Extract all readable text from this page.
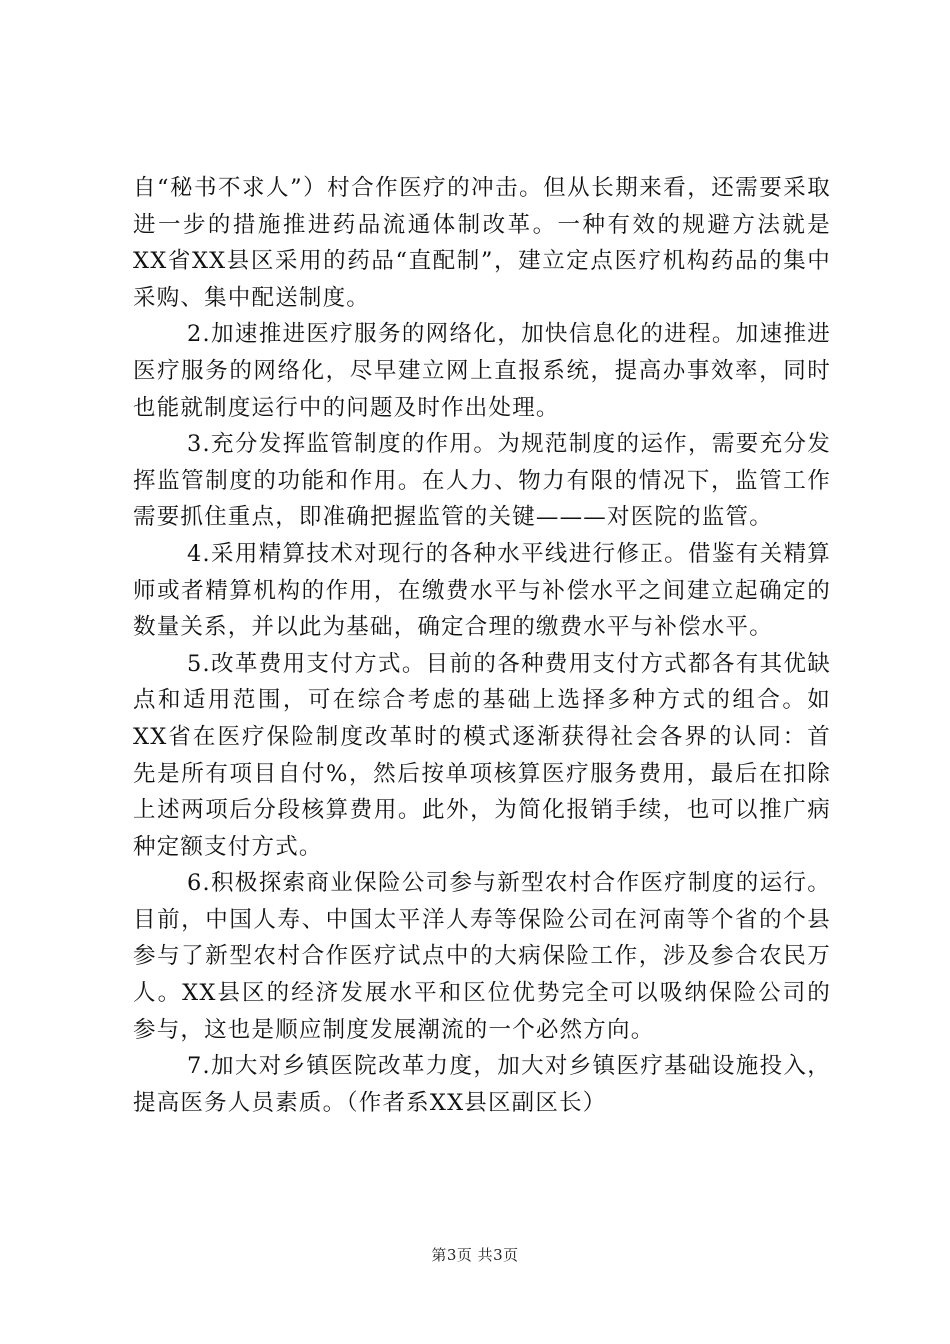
自“秘书不求人”）村合作医疗的冲击。但从长期来看，还需要采取进一步的措施推进药品流通体制改革。一种有效的规避方法就是XX省XX县区采用的药品“直配制”，建立定点医疗机构药品的集中采购、集中配送制度。

2.加速推进医疗服务的网络化，加快信息化的进程。加速推进医疗服务的网络化，尽早建立网上直报系统，提高办事效率，同时也能就制度运行中的问题及时作出处理。

3.充分发挥监管制度的作用。为规范制度的运作，需要充分发挥监管制度的功能和作用。在人力、物力有限的情况下，监管工作需要抓住重点，即准确把握监管的关键———对医院的监管。

4.采用精算技术对现行的各种水平线进行修正。借鉴有关精算师或者精算机构的作用，在缴费水平与补偿水平之间建立起确定的数量关系，并以此为基础，确定合理的缴费水平与补偿水平。

5.改革费用支付方式。目前的各种费用支付方式都各有其优缺点和适用范围，可在综合考虑的基础上选择多种方式的组合。如XX省在医疗保险制度改革时的模式逐渐获得社会各界的认同：首先是所有项目自付%，然后按单项核算医疗服务费用，最后在扣除上述两项后分段核算费用。此外，为简化报销手续，也可以推广病种定额支付方式。

6.积极探索商业保险公司参与新型农村合作医疗制度的运行。目前，中国人寿、中国太平洋人寿等保险公司在河南等个省的个县参与了新型农村合作医疗试点中的大病保险工作，涉及参合农民万人。XX县区的经济发展水平和区位优势完全可以吸纳保险公司的参与，这也是顺应制度发展潮流的一个必然方向。

7.加大对乡镇医院改革力度，加大对乡镇医疗基础设施投入，提高医务人员素质。（作者系XX县区副区长）

第3页 共3页
